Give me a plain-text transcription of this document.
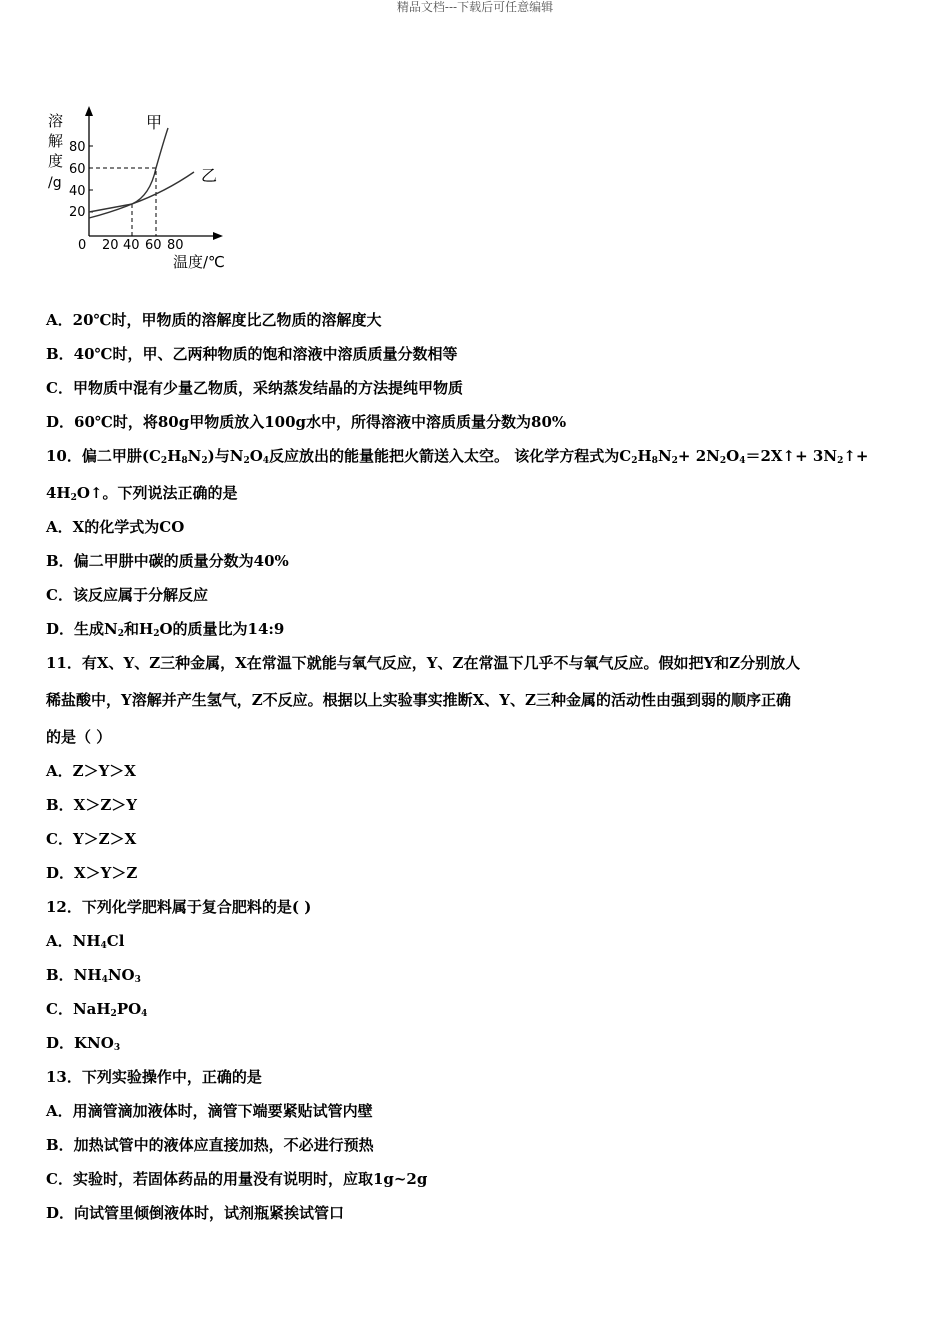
精品文档---下载后可任意编辑
溶
解
度
/g
80
60
40
20
0 20 40 60 80
甲
乙
温度/℃
A．20℃时，甲物质的溶解度比乙物质的溶解度大
B．40℃时，甲、乙两种物质的饱和溶液中溶质质量分数相等
C．甲物质中混有少量乙物质，采纳蒸发结晶的方法提纯甲物质
D．60℃时，将80g甲物质放入100g水中，所得溶液中溶质质量分数为80%
10．偏二甲肼$(C_2H_8N_2)$与$N_2O_4$反应放出的能量能把火箭送入太空。 该化学方程式为$C_2H_8N_2+$ $2N_2O_4=2X↑+$ $3N_2↑+$
$4H_2O↑$。下列说法正确的是
A．X的化学式为CO
B．偏二甲肼中碳的质量分数为40%
C．该反应属于分解反应
D．生成$N_2$和$H_2O$的质量比为14:9
11．有X、Y、Z三种金属，X在常温下就能与氧气反应，Y、Z在常温下几乎不与氧气反应。假如把Y和Z分别放人
稀盐酸中，Y溶解并产生氢气，Z不反应。根据以上实验事实推断X、Y、Z三种金属的活动性由强到弱的顺序正确
的是（ ）
A．Z＞Y＞X
B．X＞Z＞Y
C．Y＞Z＞X
D．X＞Y＞Z
12．下列化学肥料属于复合肥料的是( )
A．$NH_4Cl$
B．$NH_4NO_3$
C．$NaH_2PO_4$
D．$KNO_3$
13．下列实验操作中，正确的是
A．用滴管滴加液体时，滴管下端要紧贴试管内壁
B．加热试管中的液体应直接加热，不必进行预热
C．实验时，若固体药品的用量没有说明时，应取1g~2g
D．向试管里倾倒液体时，试剂瓶紧挨试管口
